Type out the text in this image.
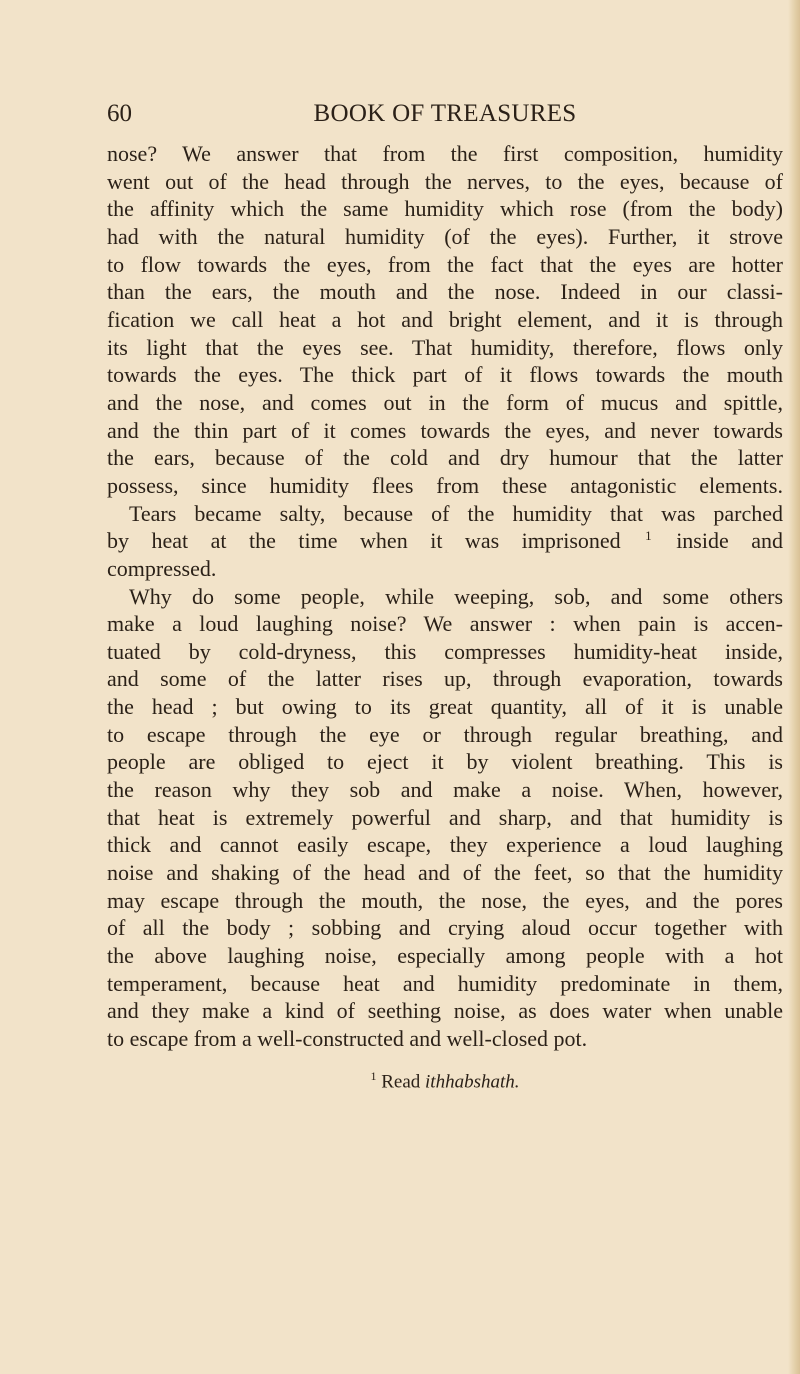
60	BOOK OF TREASURES
nose? We answer that from the first composition, humidity
went out of the head through the nerves, to the eyes, because of
the affinity which the same humidity which rose (from the body)
had with the natural humidity (of the eyes). Further, it strove
to flow towards the eyes, from the fact that the eyes are hotter
than the ears, the mouth and the nose. Indeed in our classi-
fication we call heat a hot and bright element, and it is through
its light that the eyes see. That humidity, therefore, flows only
towards the eyes. The thick part of it flows towards the mouth
and the nose, and comes out in the form of mucus and spittle,
and the thin part of it comes towards the eyes, and never towards
the ears, because of the cold and dry humour that the latter
possess, since humidity flees from these antagonistic elements.
Tears became salty, because of the humidity that was parched
by heat at the time when it was imprisoned $^1$ inside and
compressed.
Why do some people, while weeping, sob, and some others
make a loud laughing noise? We answer : when pain is accen-
tuated by cold-dryness, this compresses humidity-heat inside,
and some of the latter rises up, through evaporation, towards
the head ; but owing to its great quantity, all of it is unable
to escape through the eye or through regular breathing, and
people are obliged to eject it by violent breathing. This is
the reason why they sob and make a noise. When, however,
that heat is extremely powerful and sharp, and that humidity is
thick and cannot easily escape, they experience a loud laughing
noise and shaking of the head and of the feet, so that the humidity
may escape through the mouth, the nose, the eyes, and the pores
of all the body ; sobbing and crying aloud occur together with
the above laughing noise, especially among people with a hot
temperament, because heat and humidity predominate in them,
and they make a kind of seething noise, as does water when unable
to escape from a well-constructed and well-closed pot.
$^1$ Read ithhabshath.
